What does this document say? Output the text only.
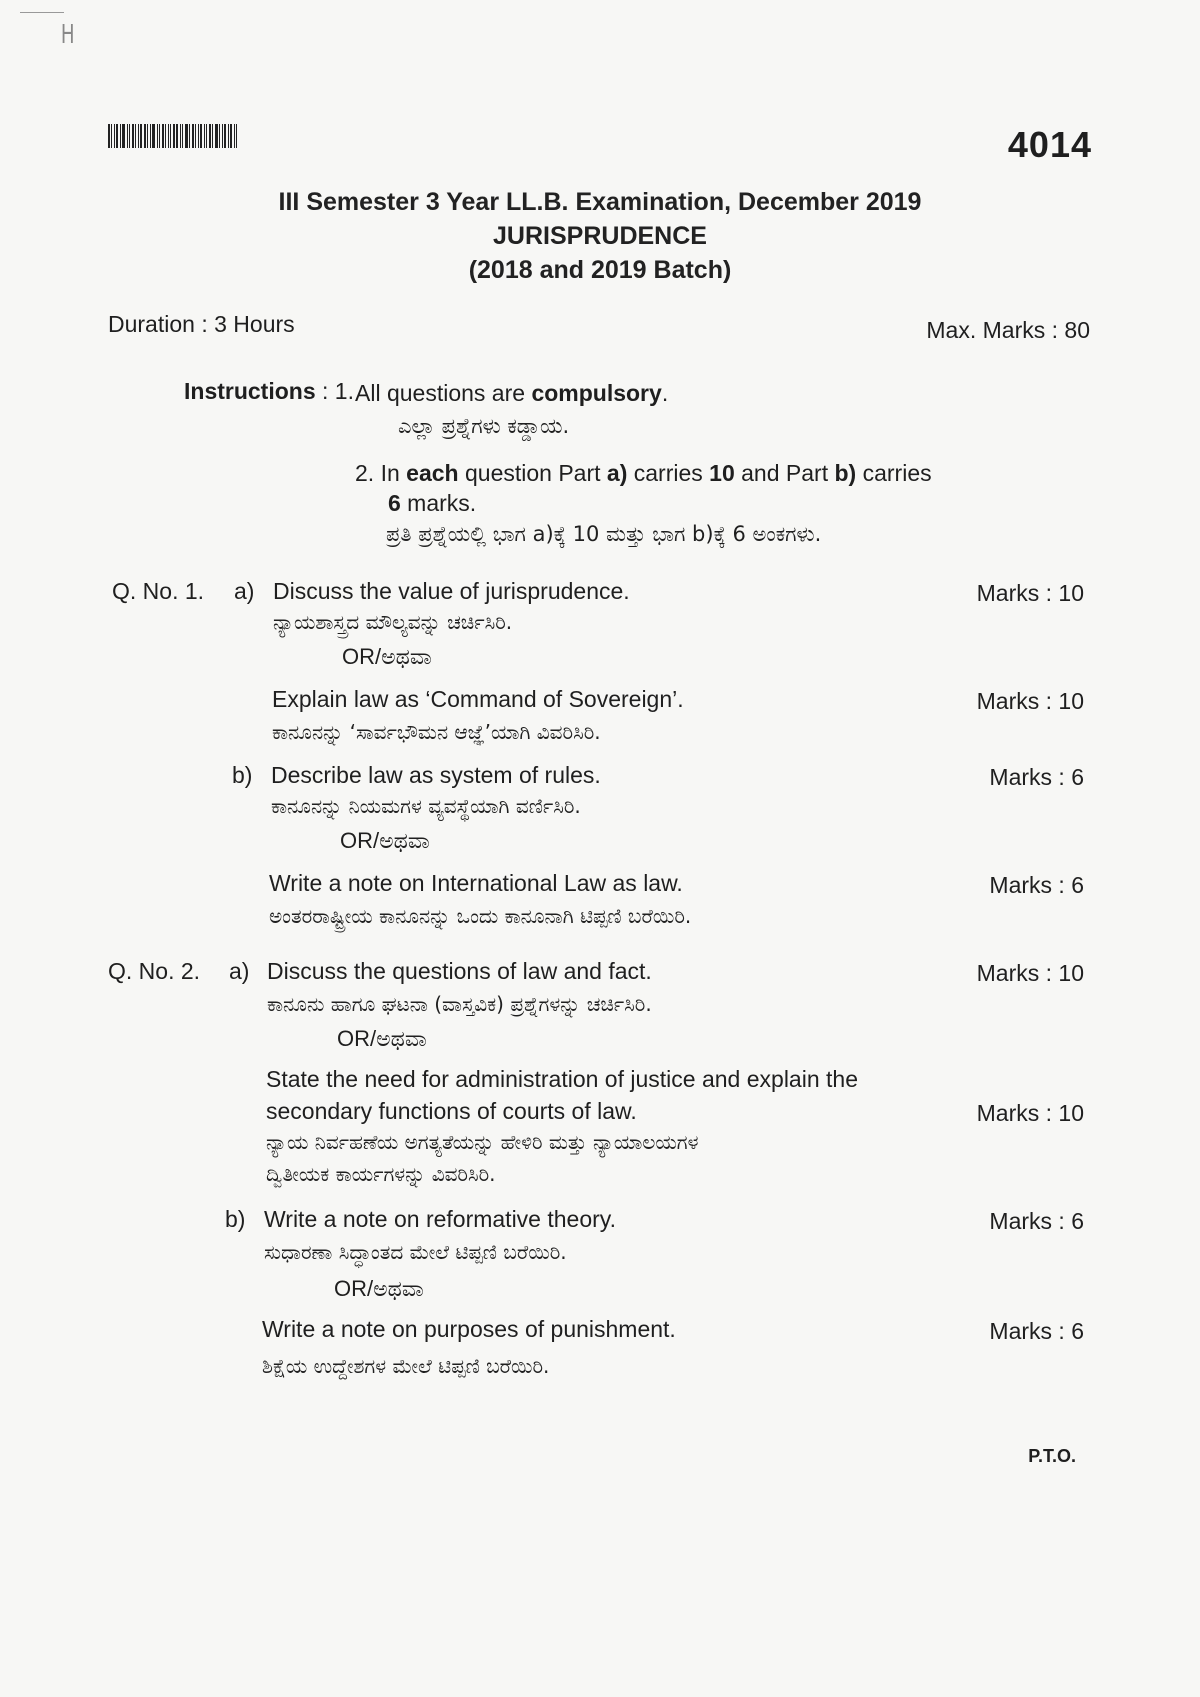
H
4014
III Semester 3 Year LL.B. Examination, December 2019
JURISPRUDENCE
(2018 and 2019 Batch)
Duration : 3 Hours	Max. Marks : 80
Instructions : 1. All questions are compulsory.
ಎಲ್ಲಾ ಪ್ರಶ್ನೆಗಳು ಕಡ್ಡಾಯ.
2. In each question Part a) carries 10 and Part b) carries
6 marks.
ಪ್ರತಿ ಪ್ರಶ್ನೆಯಲ್ಲಿ ಭಾಗ a)ಕ್ಕೆ 10 ಮತ್ತು ಭಾಗ b)ಕ್ಕೆ 6 ಅಂಕಗಳು.
Q. No. 1. a) Discuss the value of jurisprudence.	Marks : 10
ನ್ಯಾಯಶಾಸ್ತ್ರದ ಮೌಲ್ಯವನ್ನು ಚರ್ಚಿಸಿರಿ.
OR/ಅಥವಾ
Explain law as ‘Command of Sovereign’.	Marks : 10
ಕಾನೂನನ್ನು ‘ಸಾರ್ವಭೌಮನ ಆಜ್ಞೆ’ಯಾಗಿ ವಿವರಿಸಿರಿ.
b) Describe law as system of rules.	Marks : 6
ಕಾನೂನನ್ನು ನಿಯಮಗಳ ವ್ಯವಸ್ಥೆಯಾಗಿ ವರ್ಣಿಸಿರಿ.
OR/ಅಥವಾ
Write a note on International Law as law.	Marks : 6
ಅಂತರರಾಷ್ಟ್ರೀಯ ಕಾನೂನನ್ನು ಒಂದು ಕಾನೂನಾಗಿ ಟಿಪ್ಪಣಿ ಬರೆಯಿರಿ.
Q. No. 2. a) Discuss the questions of law and fact.	Marks : 10
ಕಾನೂನು ಹಾಗೂ ಘಟನಾ (ವಾಸ್ತವಿಕ) ಪ್ರಶ್ನೆಗಳನ್ನು ಚರ್ಚಿಸಿರಿ.
OR/ಅಥವಾ
State the need for administration of justice and explain the
secondary functions of courts of law.	Marks : 10
ನ್ಯಾಯ ನಿರ್ವಹಣೆಯ ಅಗತ್ಯತೆಯನ್ನು ಹೇಳಿರಿ ಮತ್ತು ನ್ಯಾಯಾಲಯಗಳ
ದ್ವಿತೀಯಕ ಕಾರ್ಯಗಳನ್ನು ವಿವರಿಸಿರಿ.
b) Write a note on reformative theory.	Marks : 6
ಸುಧಾರಣಾ ಸಿದ್ಧಾಂತದ ಮೇಲೆ ಟಿಪ್ಪಣಿ ಬರೆಯಿರಿ.
OR/ಅಥವಾ
Write a note on purposes of punishment.	Marks : 6
ಶಿಕ್ಷೆಯ ಉದ್ದೇಶಗಳ ಮೇಲೆ ಟಿಪ್ಪಣಿ ಬರೆಯಿರಿ.
P.T.O.
